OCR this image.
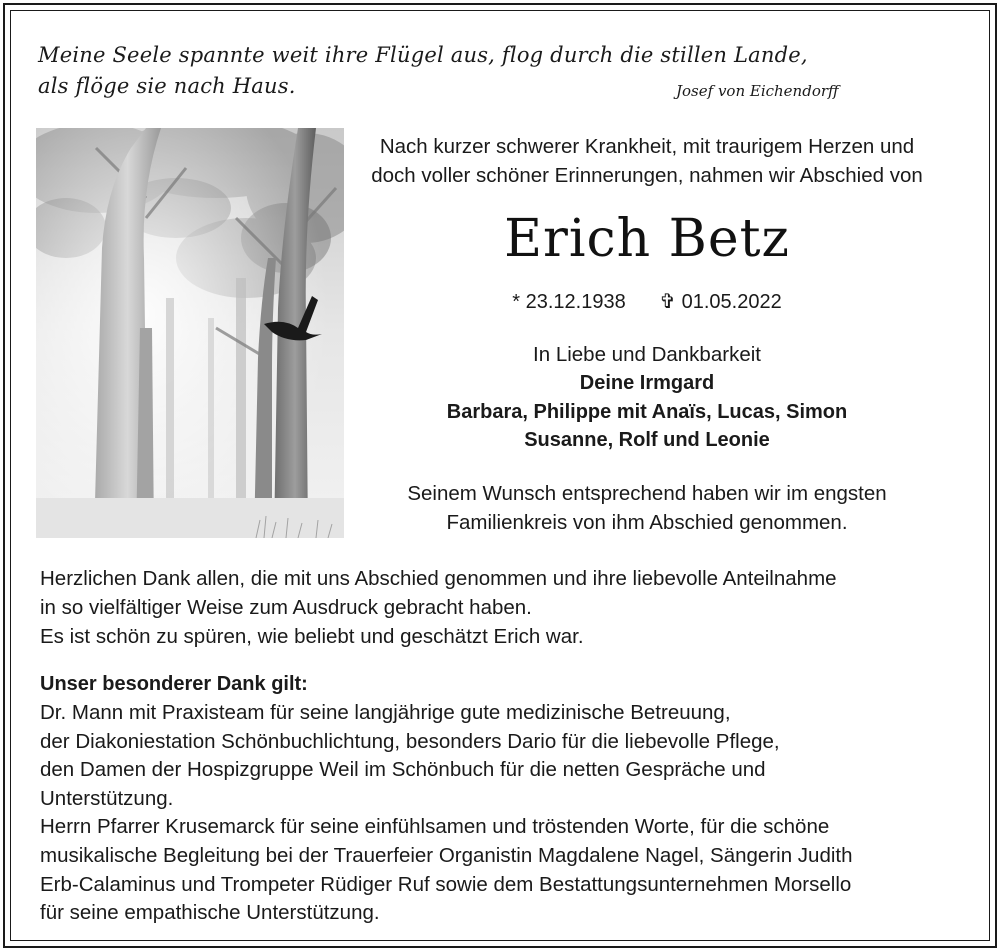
Meine Seele spannte weit ihre Flügel aus, flog durch die stillen Lande,
als flöge sie nach Haus.	Josef von Eichendorff
Nach kurzer schwerer Krankheit, mit traurigem Herzen und
doch voller schöner Erinnerungen, nahmen wir Abschied von
Erich Betz
* 23.12.1938 ✞ 01.05.2022
In Liebe und Dankbarkeit
Deine Irmgard
Barbara, Philippe mit Anaïs, Lucas, Simon
Susanne, Rolf und Leonie
Seinem Wunsch entsprechend haben wir im engsten
Familienkreis von ihm Abschied genommen.
Herzlichen Dank allen, die mit uns Abschied genommen und ihre liebevolle Anteilnahme
in so vielfältiger Weise zum Ausdruck gebracht haben.
Es ist schön zu spüren, wie beliebt und geschätzt Erich war.
Unser besonderer Dank gilt:
Dr. Mann mit Praxisteam für seine langjährige gute medizinische Betreuung,
der Diakoniestation Schönbuchlichtung, besonders Dario für die liebevolle Pflege,
den Damen der Hospizgruppe Weil im Schönbuch für die netten Gespräche und
Unterstützung.
Herrn Pfarrer Krusemarck für seine einfühlsamen und tröstenden Worte, für die schöne
musikalische Begleitung bei der Trauerfeier Organistin Magdalene Nagel, Sängerin Judith
Erb-Calaminus und Trompeter Rüdiger Ruf sowie dem Bestattungsunternehmen Morsello
für seine empathische Unterstützung.
